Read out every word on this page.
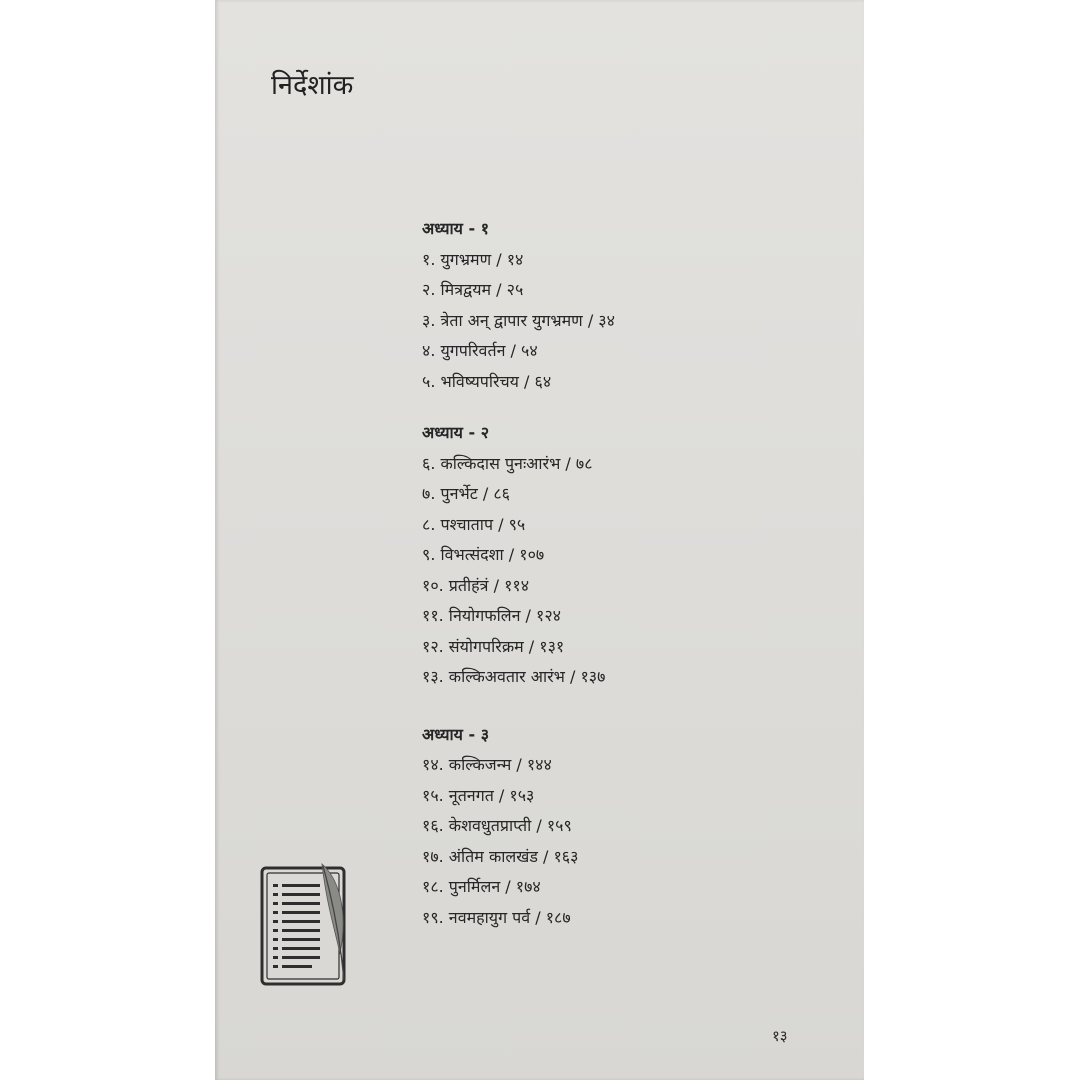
निर्देशांक
अध्याय - १
१. युगभ्रमण / १४
२. मित्रद्वयम / २५
३. त्रेता अन् द्वापार युगभ्रमण / ३४
४. युगपरिवर्तन / ५४
५. भविष्यपरिचय / ६४
अध्याय - २
६. कल्किदास पुनःआरंभ / ७८
७. पुनर्भेट / ८६
८. पश्चाताप / ९५
९. विभत्संदशा / १०७
१०. प्रतीहंत्रं / ११४
११. नियोगफलिन / १२४
१२. संयोगपरिक्रम / १३१
१३. कल्किअवतार आरंभ / १३७
अध्याय - ३
१४. कल्किजन्म / १४४
१५. नूतनगत / १५३
१६. केशवधुतप्राप्ती / १५९
१७. अंतिम कालखंड / १६३
१८. पुनर्मिलन / १७४
१९. नवमहायुग पर्व / १८७
१३
